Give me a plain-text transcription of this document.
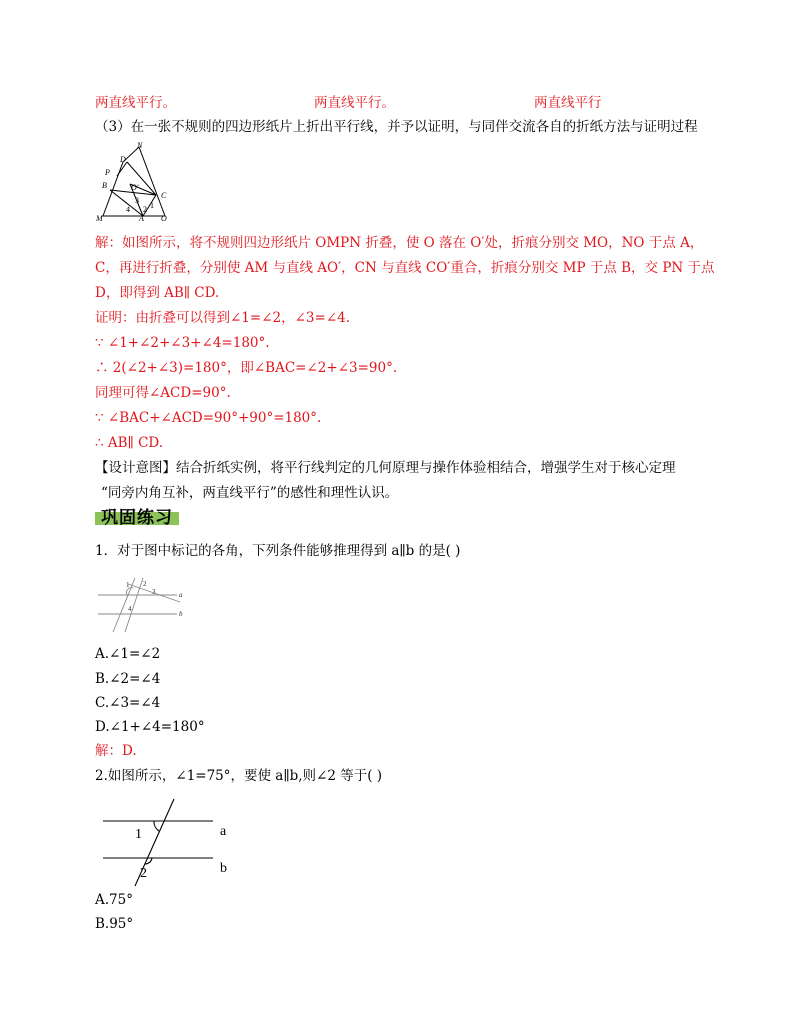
两直线平行。	两直线平行。	两直线平行
（3）在一张不规则的四边形纸片上折出平行线，并予以证明，与同伴交流各自的折纸方法与证明过程
N
D
P
B
C
O'
M	A O
4
3
2 1
解：如图所示，将不规则四边形纸片 OMPN 折叠，使 O 落在 O′处，折痕分别交 MO，NO 于点 A，
C，再进行折叠，分别使 AM 与直线 AO′，CN 与直线 CO′重合，折痕分别交 MP 于点 B，交 PN 于点
D，即得到 AB∥ CD.
证明：由折叠可以得到∠1=∠2，∠3=∠4.
∵ ∠1+∠2+∠3+∠4=180°.
∴ 2(∠2+∠3)=180°，即∠BAC=∠2+∠3=90°.
同理可得∠ACD=90°.
∵ ∠BAC+∠ACD=90°+90°=180°.
∴ AB∥ CD.
【设计意图】结合折纸实例，将平行线判定的几何原理与操作体验相结合，增强学生对于核心定理
“同旁内角互补，两直线平行”的感性和理性认识。
巩固练习
1．对于图中标记的各角，下列条件能够推理得到 a∥b 的是( )
1 2
3
4
a
b
A.∠1=∠2
B.∠2=∠4
C.∠3=∠4
D.∠1+∠4=180°
解：D.
2.如图所示，∠1=75°，要使 a∥b,则∠2 等于( )
1
2
a
b
A.75°
B.95°
